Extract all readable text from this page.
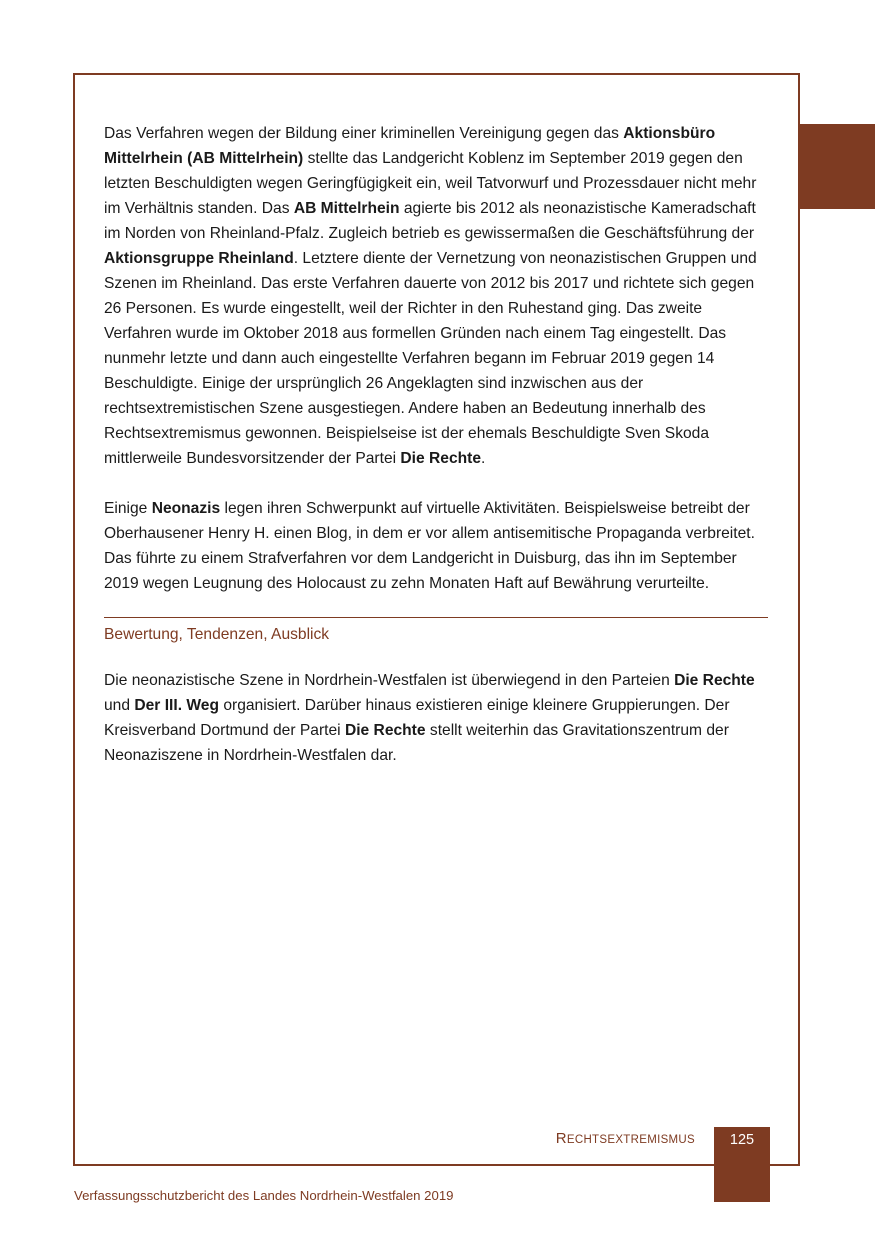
Das Verfahren wegen der Bildung einer kriminellen Vereinigung gegen das Aktionsbüro Mittelrhein (AB Mittelrhein) stellte das Landgericht Koblenz im September 2019 gegen den letzten Beschuldigten wegen Geringfügigkeit ein, weil Tatvorwurf und Prozessdauer nicht mehr im Verhältnis standen. Das AB Mittelrhein agierte bis 2012 als neonazistische Kameradschaft im Norden von Rheinland-Pfalz. Zugleich betrieb es gewissermaßen die Geschäftsführung der Aktionsgruppe Rheinland. Letztere diente der Vernetzung von neonazistischen Gruppen und Szenen im Rheinland. Das erste Verfahren dauerte von 2012 bis 2017 und richtete sich gegen 26 Personen. Es wurde eingestellt, weil der Richter in den Ruhestand ging. Das zweite Verfahren wurde im Oktober 2018 aus formellen Gründen nach einem Tag eingestellt. Das nunmehr letzte und dann auch eingestellte Verfahren begann im Februar 2019 gegen 14 Beschuldigte. Einige der ursprünglich 26 Angeklagten sind inzwischen aus der rechtsextremistischen Szene ausgestiegen. Andere haben an Bedeutung innerhalb des Rechtsextremismus gewonnen. Beispielseise ist der ehemals Beschuldigte Sven Skoda mittlerweile Bundesvorsitzender der Partei Die Rechte.

Einige Neonazis legen ihren Schwerpunkt auf virtuelle Aktivitäten. Beispielsweise betreibt der Oberhausener Henry H. einen Blog, in dem er vor allem antisemitische Propaganda verbreitet. Das führte zu einem Strafverfahren vor dem Landgericht in Duisburg, das ihn im September 2019 wegen Leugnung des Holocaust zu zehn Monaten Haft auf Bewährung verurteilte.

Bewertung, Tendenzen, Ausblick

Die neonazistische Szene in Nordrhein-Westfalen ist überwiegend in den Parteien Die Rechte und Der III. Weg organisiert. Darüber hinaus existieren einige kleinere Gruppierungen. Der Kreisverband Dortmund der Partei Die Rechte stellt weiterhin das Gravitationszentrum der Neonaziszene in Nordrhein-Westfalen dar.

RECHTSEXTREMISMUS	125
Verfassungsschutzbericht des Landes Nordrhein-Westfalen 2019
